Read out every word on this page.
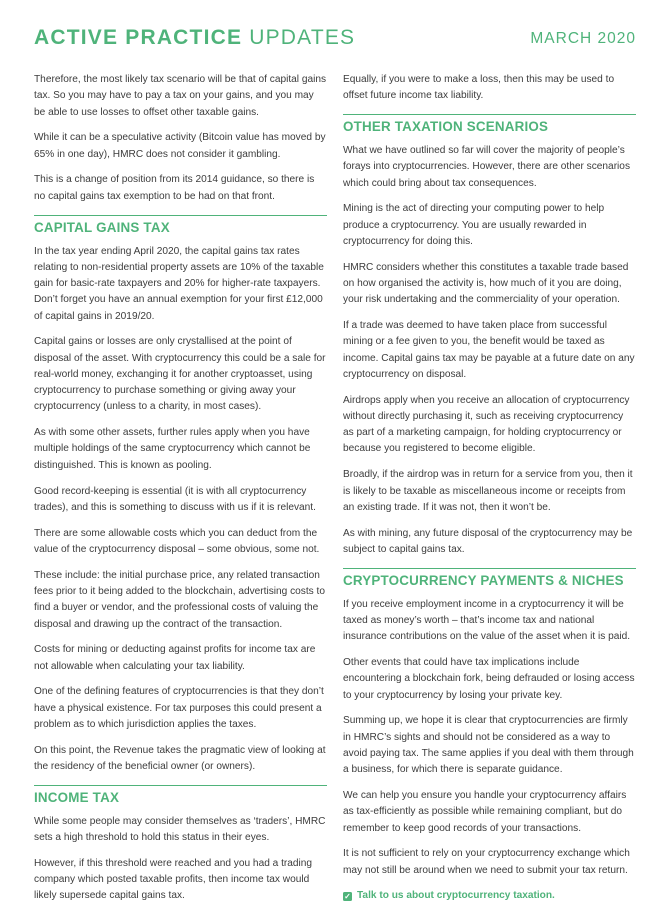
ACTIVE PRACTICE UPDATES	MARCH 2020

Therefore, the most likely tax scenario will be that of capital gains tax. So you may have to pay a tax on your gains, and you may be able to use losses to offset other taxable gains.

While it can be a speculative activity (Bitcoin value has moved by 65% in one day), HMRC does not consider it gambling.

This is a change of position from its 2014 guidance, so there is no capital gains tax exemption to be had on that front.

CAPITAL GAINS TAX

In the tax year ending April 2020, the capital gains tax rates relating to non-residential property assets are 10% of the taxable gain for basic-rate taxpayers and 20% for higher-rate taxpayers. Don’t forget you have an annual exemption for your first £12,000 of capital gains in 2019/20.

Capital gains or losses are only crystallised at the point of disposal of the asset. With cryptocurrency this could be a sale for real-world money, exchanging it for another cryptoasset, using cryptocurrency to purchase something or giving away your cryptocurrency (unless to a charity, in most cases).

As with some other assets, further rules apply when you have multiple holdings of the same cryptocurrency which cannot be distinguished. This is known as pooling.

Good record-keeping is essential (it is with all cryptocurrency trades), and this is something to discuss with us if it is relevant.

There are some allowable costs which you can deduct from the value of the cryptocurrency disposal – some obvious, some not.

These include: the initial purchase price, any related transaction fees prior to it being added to the blockchain, advertising costs to find a buyer or vendor, and the professional costs of valuing the disposal and drawing up the contract of the transaction.

Costs for mining or deducting against profits for income tax are not allowable when calculating your tax liability.

One of the defining features of cryptocurrencies is that they don’t have a physical existence. For tax purposes this could present a problem as to which jurisdiction applies the taxes.

On this point, the Revenue takes the pragmatic view of looking at the residency of the beneficial owner (or owners).

INCOME TAX

While some people may consider themselves as ‘traders’, HMRC sets a high threshold to hold this status in their eyes.

However, if this threshold were reached and you had a trading company which posted taxable profits, then income tax would likely supersede capital gains tax.

Equally, if you were to make a loss, then this may be used to offset future income tax liability.

OTHER TAXATION SCENARIOS

What we have outlined so far will cover the majority of people’s forays into cryptocurrencies. However, there are other scenarios which could bring about tax consequences.

Mining is the act of directing your computing power to help produce a cryptocurrency. You are usually rewarded in cryptocurrency for doing this.

HMRC considers whether this constitutes a taxable trade based on how organised the activity is, how much of it you are doing, your risk undertaking and the commerciality of your operation.

If a trade was deemed to have taken place from successful mining or a fee given to you, the benefit would be taxed as income. Capital gains tax may be payable at a future date on any cryptocurrency on disposal.

Airdrops apply when you receive an allocation of cryptocurrency without directly purchasing it, such as receiving cryptocurrency as part of a marketing campaign, for holding cryptocurrency or because you registered to become eligible.

Broadly, if the airdrop was in return for a service from you, then it is likely to be taxable as miscellaneous income or receipts from an existing trade. If it was not, then it won’t be.

As with mining, any future disposal of the cryptocurrency may be subject to capital gains tax.

CRYPTOCURRENCY PAYMENTS & NICHES

If you receive employment income in a cryptocurrency it will be taxed as money’s worth – that’s income tax and national insurance contributions on the value of the asset when it is paid.

Other events that could have tax implications include encountering a blockchain fork, being defrauded or losing access to your cryptocurrency by losing your private key.

Summing up, we hope it is clear that cryptocurrencies are firmly in HMRC’s sights and should not be considered as a way to avoid paying tax. The same applies if you deal with them through a business, for which there is separate guidance.

We can help you ensure you handle your cryptocurrency affairs as tax-efficiently as possible while remaining compliant, but do remember to keep good records of your transactions.

It is not sufficient to rely on your cryptocurrency exchange which may not still be around when we need to submit your tax return.

✓ Talk to us about cryptocurrency taxation.
